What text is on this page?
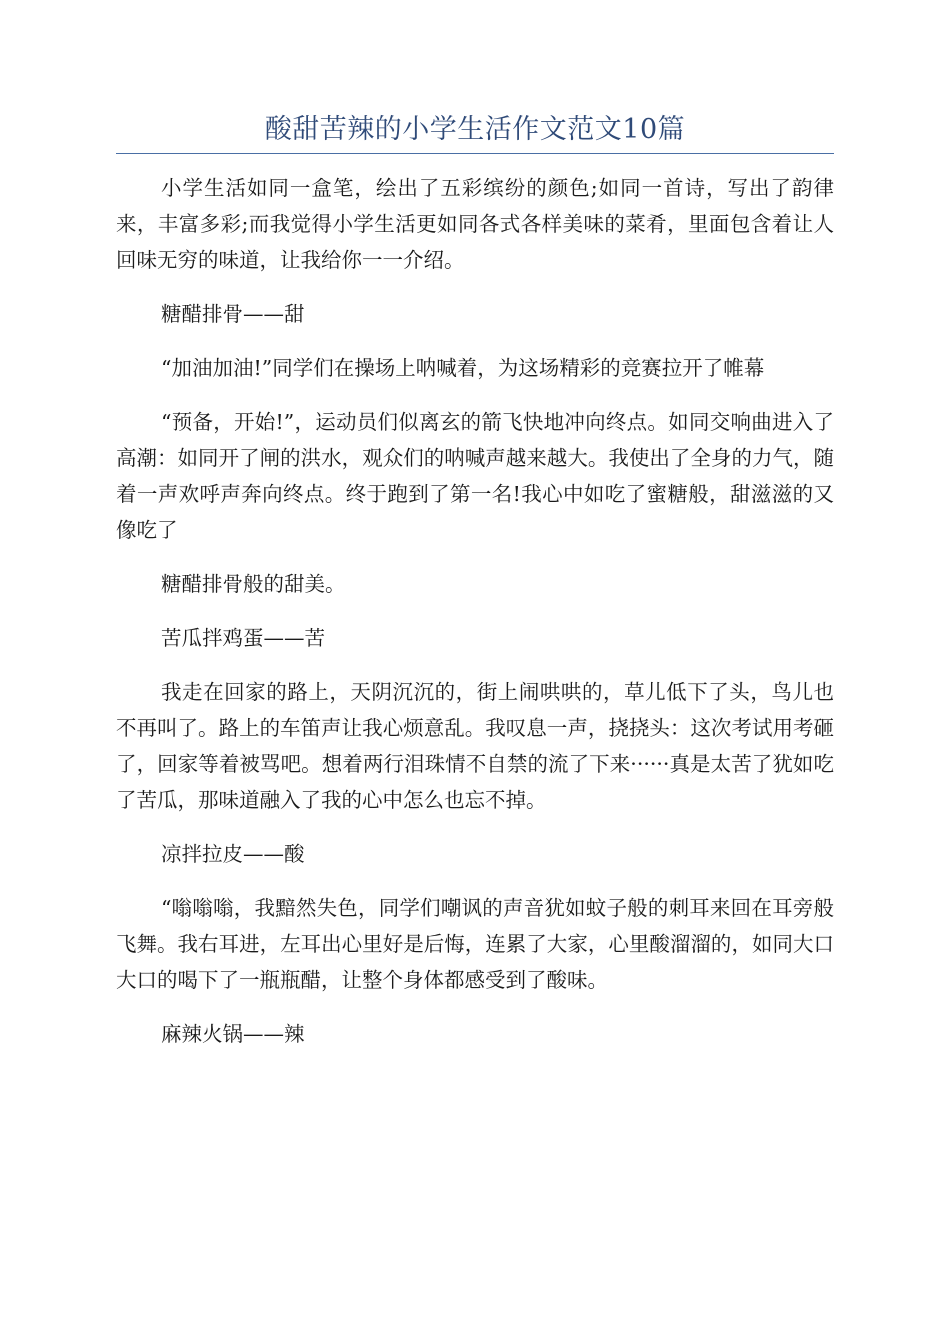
酸甜苦辣的小学生活作文范文10篇

小学生活如同一盒笔，绘出了五彩缤纷的颜色;如同一首诗，写出了韵律来，丰富多彩;而我觉得小学生活更如同各式各样美味的菜肴，里面包含着让人回味无穷的味道，让我给你一一介绍。

糖醋排骨——甜

“加油加油!”同学们在操场上呐喊着，为这场精彩的竞赛拉开了帷幕

“预备，开始!”，运动员们似离玄的箭飞快地冲向终点。如同交响曲进入了高潮：如同开了闸的洪水，观众们的呐喊声越来越大。我使出了全身的力气，随着一声欢呼声奔向终点。终于跑到了第一名!我心中如吃了蜜糖般，甜滋滋的又像吃了

糖醋排骨般的甜美。

苦瓜拌鸡蛋——苦

我走在回家的路上，天阴沉沉的，街上闹哄哄的，草儿低下了头，鸟儿也不再叫了。路上的车笛声让我心烦意乱。我叹息一声，挠挠头：这次考试用考砸了，回家等着被骂吧。想着两行泪珠情不自禁的流了下来······真是太苦了犹如吃了苦瓜，那味道融入了我的心中怎么也忘不掉。

凉拌拉皮——酸

“嗡嗡嗡，我黯然失色，同学们嘲讽的声音犹如蚊子般的刺耳来回在耳旁般飞舞。我右耳进，左耳出心里好是后悔，连累了大家，心里酸溜溜的，如同大口大口的喝下了一瓶瓶醋，让整个身体都感受到了酸味。

麻辣火锅——辣
